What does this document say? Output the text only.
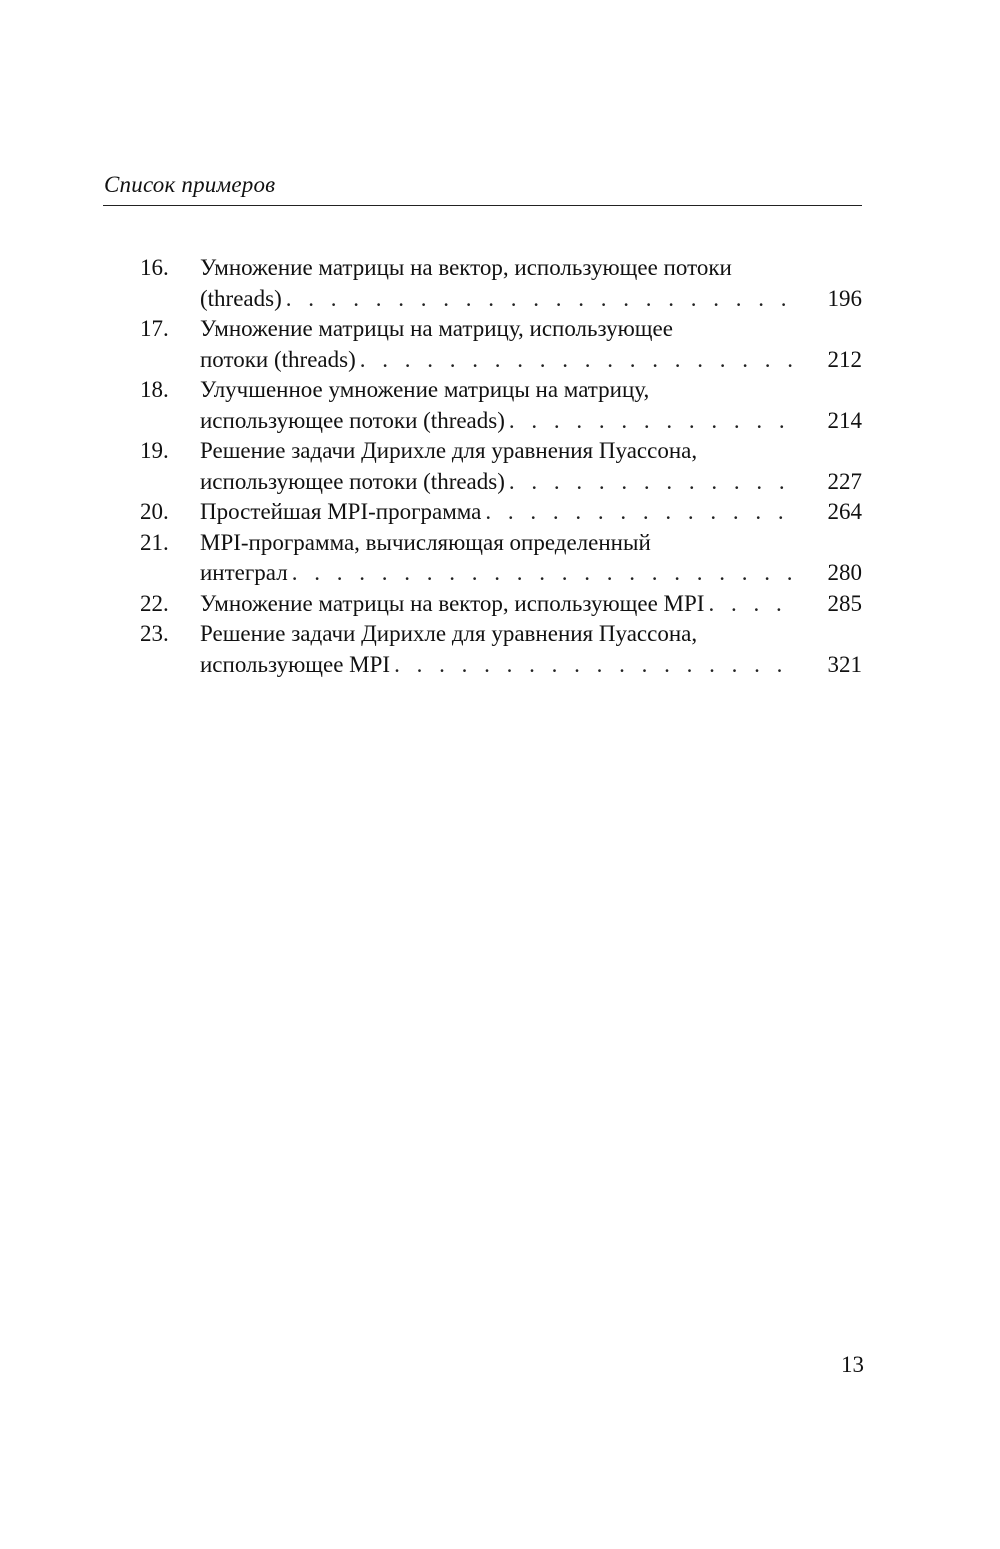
Список примеров
16. Умножение матрицы на вектор, использующее потоки
(threads) . . .	196
17. Умножение матрицы на матрицу, использующее
потоки (threads) . . .	212
18. Улучшенное умножение матрицы на матрицу,
использующее потоки (threads) . . .	214
19. Решение задачи Дирихле для уравнения Пуассона,
использующее потоки (threads) . . .	227
20. Простейшая MPI-программа . . .	264
21. MPI-программа, вычисляющая определенный
интеграл . . .	280
22. Умножение матрицы на вектор, использующее MPI . . .	285
23. Решение задачи Дирихле для уравнения Пуассона,
использующее MPI . . .	321
13
